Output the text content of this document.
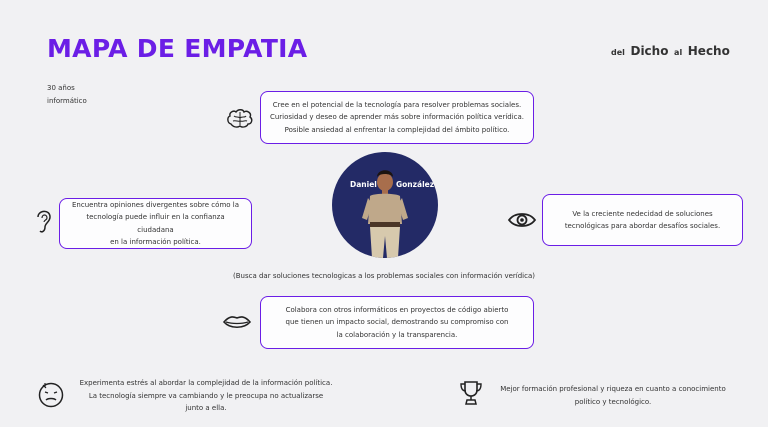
MAPA DE EMPATIA	del Dicho al Hecho
30 años
informático	Cree en el potencial de la tecnología para resolver problemas sociales.
Curiosidad y deseo de aprender más sobre información política verídica.
Posible ansiedad al enfrentar la complejidad del ámbito político.
Encuentra opiniones divergentes sobre cómo la
tecnología puede influir en la confianza ciudadana
en la información política.
Daniel	González
Ve la creciente nedecidad de soluciones
tecnológicas para abordar desafíos sociales.
(Busca dar soluciones tecnologicas a los problemas sociales con información verídica)
Colabora con otros informáticos en proyectos de código abierto
que tienen un impacto social, demostrando su compromiso con
la colaboración y la transparencia.
Experimenta estrés al abordar la complejidad de la información política.
La tecnología siempre va cambiando y le preocupa no actualizarse
junto a ella.
Mejor formación profesional y riqueza en cuanto a conocimiento
político y tecnológico.
